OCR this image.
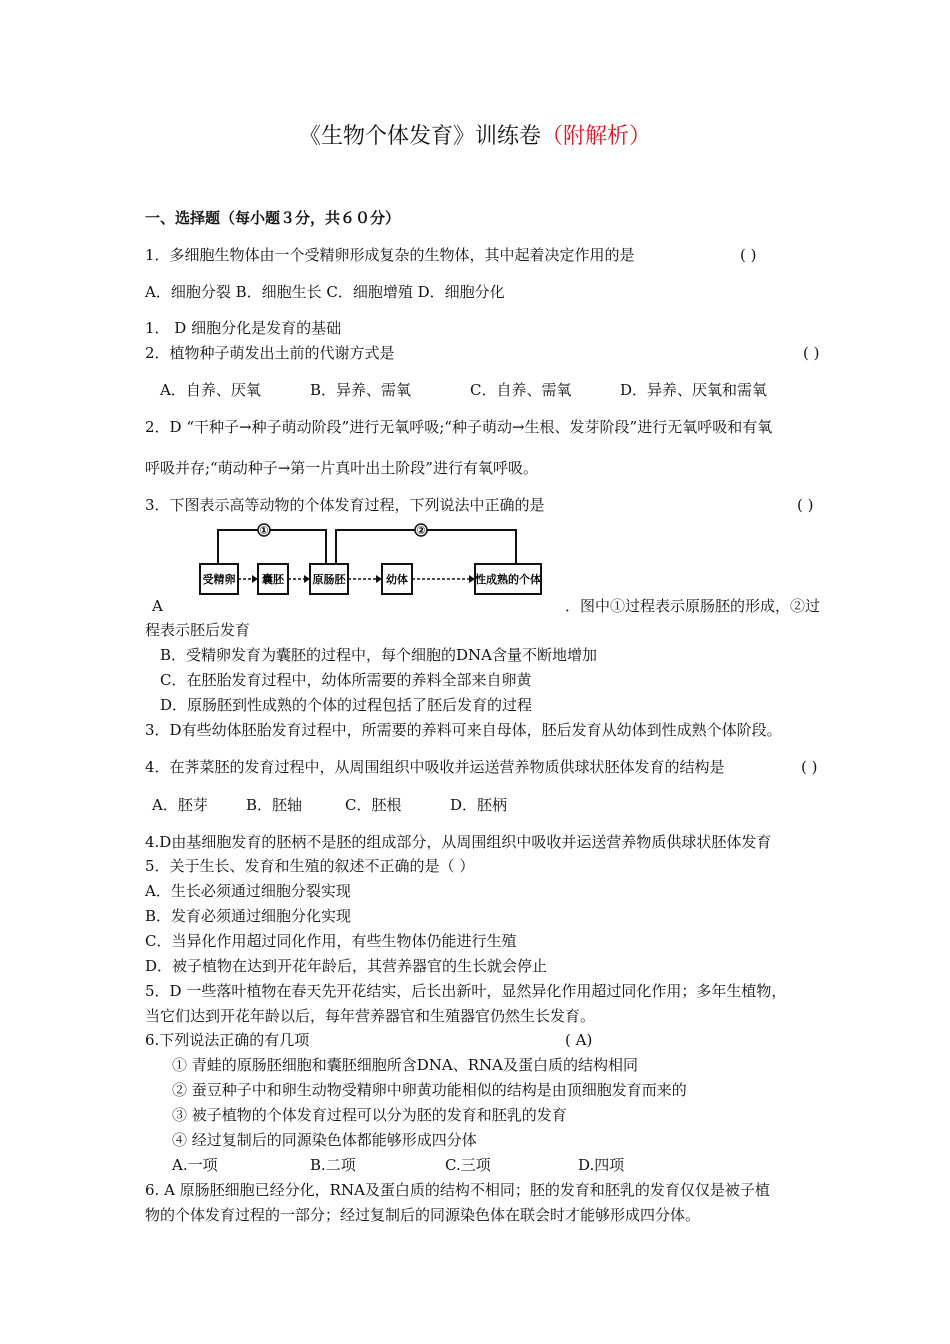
《生物个体发育》训练卷（附解析）
一、选择题（每小题３分，共６０分）
1．多细胞生物体由一个受精卵形成复杂的生物体，其中起着决定作用的是	( )
A．细胞分裂 B．细胞生长 C．细胞增殖 D．细胞分化
1． D 细胞分化是发育的基础
2．植物种子萌发出土前的代谢方式是	( )
A．自养、厌氧	B．异养、需氧	C．自养、需氧	D．异养、厌氧和需氧
2．D “干种子→种子萌动阶段”进行无氧呼吸;“种子萌动→生根、发芽阶段”进行无氧呼吸和有氧
呼吸并存;“萌动种子→第一片真叶出土阶段”进行有氧呼吸。
3．下图表示高等动物的个体发育过程，下列说法中正确的是	( )
①	②
受精卵 囊胚	原肠胚	幼体	性成熟的个体
A	．图中①过程表示原肠胚的形成，②过
程表示胚后发育
B．受精卵发育为囊胚的过程中，每个细胞的DNA含量不断地增加
C．在胚胎发育过程中，幼体所需要的养料全部来自卵黄
D．原肠胚到性成熟的个体的过程包括了胚后发育的过程
3．D有些幼体胚胎发育过程中，所需要的养料可来自母体，胚后发育从幼体到性成熟个体阶段。
4．在荠菜胚的发育过程中，从周围组织中吸收并运送营养物质供球状胚体发育的结构是	( )
A．胚芽	B．胚轴	C．胚根	D．胚柄
4.D由基细胞发育的胚柄不是胚的组成部分，从周围组织中吸收并运送营养物质供球状胚体发育
5．关于生长、发育和生殖的叙述不正确的是（ ）
A．生长必须通过细胞分裂实现
B．发育必须通过细胞分化实现
C．当异化作用超过同化作用，有些生物体仍能进行生殖
D．被子植物在达到开花年龄后，其营养器官的生长就会停止
5．D 一些落叶植物在春天先开花结实，后长出新叶，显然异化作用超过同化作用；多年生植物，
当它们达到开花年龄以后，每年营养器官和生殖器官仍然生长发育。
6.下列说法正确的有几项	( A)
① 青蛙的原肠胚细胞和囊胚细胞所含DNA、RNA及蛋白质的结构相同
② 蚕豆种子中和卵生动物受精卵中卵黄功能相似的结构是由顶细胞发育而来的
③ 被子植物的个体发育过程可以分为胚的发育和胚乳的发育
④ 经过复制后的同源染色体都能够形成四分体
A.一项	B.二项	C.三项	D.四项
6. A 原肠胚细胞已经分化，RNA及蛋白质的结构不相同；胚的发育和胚乳的发育仅仅是被子植
物的个体发育过程的一部分；经过复制后的同源染色体在联会时才能够形成四分体。
